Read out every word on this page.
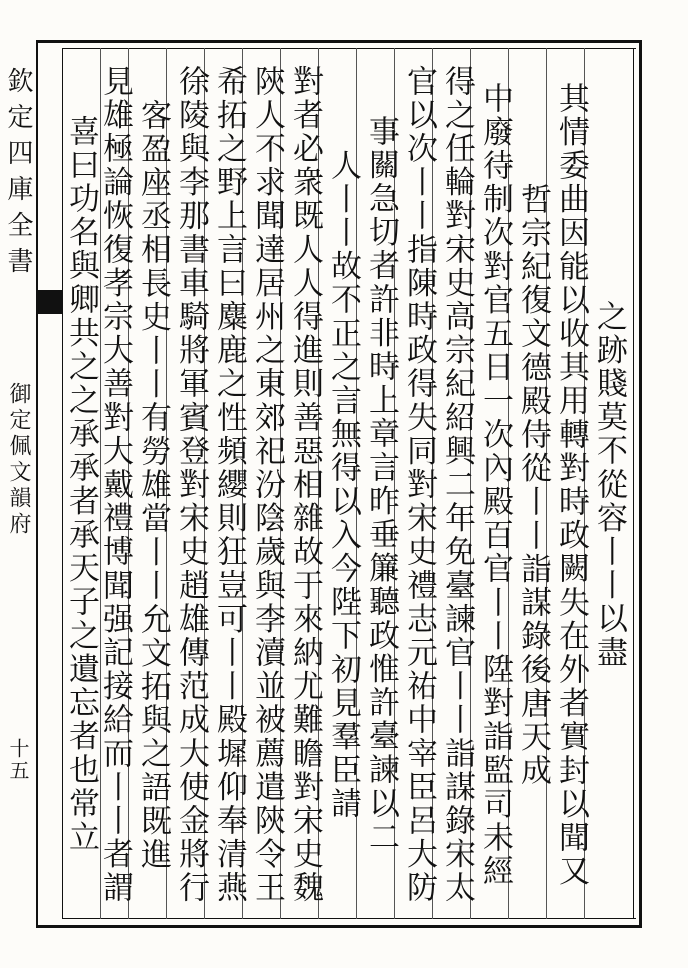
欽定四庫全書
御定佩文韻府
十五
之跡賤莫不從容丨丨以盡
其情委曲因能以收其用轉對時政闕失在外者實封以聞又
哲宗紀復文德殿侍從丨丨詣謀錄後唐天成
中廢待制次對官五日一次內殿百官丨丨陞對詣監司未經
得之任輪對宋史高宗紀紹興二年免臺諫官丨丨詣謀錄宋太
官以次丨丨指陳時政得失同對宋史禮志元祐中宰臣呂大防
事關急切者許非時上章言昨垂簾聽政惟許臺諫以二
人丨丨故不正之言無得以入今陛下初見羣臣請
對者必衆既人人得進則善惡相雜故于來納尤難瞻對宋史魏
陝人不求聞達居州之東郊祀汾陰歲與李瀆並被薦遣陝令王
希拓之野上言曰麋鹿之性頻纓則狂豈可丨丨殿墀仰奉清燕
徐陵與李那書車騎將軍賓登對宋史趙雄傳范成大使金將行
客盈座丞相長史丨丨有勞雄當丨丨允文拓與之語既進
見雄極論恢復孝宗大善對大戴禮博聞强記接給而丨丨者謂
喜曰功名與卿共之之承承者承天子之遺忘者也常立
